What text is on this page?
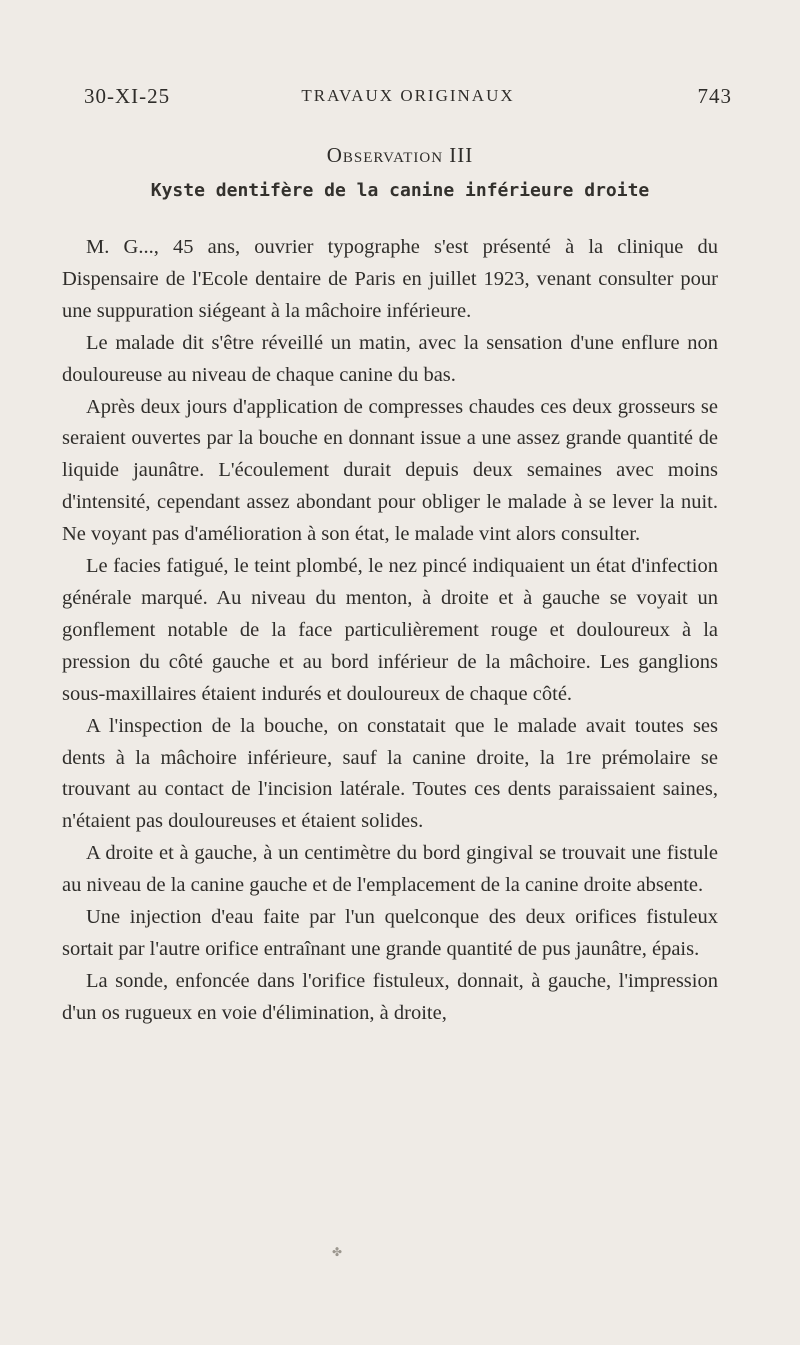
30-XI-25	TRAVAUX ORIGINAUX	743
Observation III
Kyste dentifère de la canine inférieure droite

M. G..., 45 ans, ouvrier typographe s'est présenté à la clinique du Dispensaire de l'Ecole dentaire de Paris en juillet 1923, venant consulter pour une suppuration siégeant à la mâchoire inférieure.

Le malade dit s'être réveillé un matin, avec la sensation d'une enflure non douloureuse au niveau de chaque canine du bas.

Après deux jours d'application de compresses chaudes ces deux grosseurs se seraient ouvertes par la bouche en donnant issue a une assez grande quantité de liquide jaunâtre. L'écoulement durait depuis deux semaines avec moins d'intensité, cependant assez abondant pour obliger le malade à se lever la nuit. Ne voyant pas d'amélioration à son état, le malade vint alors consulter.

Le facies fatigué, le teint plombé, le nez pincé indiquaient un état d'infection générale marqué. Au niveau du menton, à droite et à gauche se voyait un gonflement notable de la face particulièrement rouge et douloureux à la pression du côté gauche et au bord inférieur de la mâchoire. Les ganglions sous-maxillaires étaient indurés et douloureux de chaque côté.

A l'inspection de la bouche, on constatait que le malade avait toutes ses dents à la mâchoire inférieure, sauf la canine droite, la 1re prémolaire se trouvant au contact de l'incision latérale. Toutes ces dents paraissaient saines, n'étaient pas douloureuses et étaient solides.

A droite et à gauche, à un centimètre du bord gingival se trouvait une fistule au niveau de la canine gauche et de l'emplacement de la canine droite absente.

Une injection d'eau faite par l'un quelconque des deux orifices fistuleux sortait par l'autre orifice entraînant une grande quantité de pus jaunâtre, épais.

La sonde, enfoncée dans l'orifice fistuleux, donnait, à gauche, l'impression d'un os rugueux en voie d'élimination, à droite,

✤
